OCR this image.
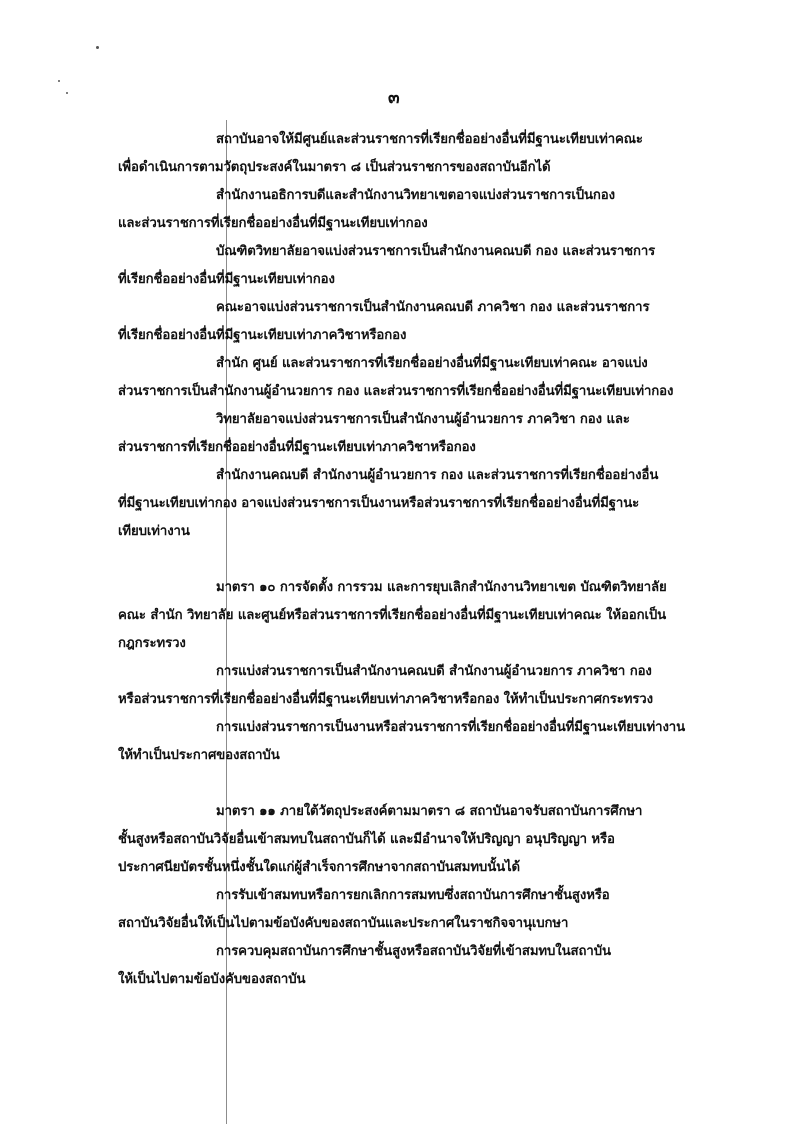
๓
สถาบันอาจให้มีศูนย์และส่วนราชการที่เรียกชื่ออย่างอื่นที่มีฐานะเทียบเท่าคณะ
เพื่อดำเนินการตามวัตถุประสงค์ในมาตรา ๘ เป็นส่วนราชการของสถาบันอีกได้
สำนักงานอธิการบดีและสำนักงานวิทยาเขตอาจแบ่งส่วนราชการเป็นกอง
และส่วนราชการที่เรียกชื่ออย่างอื่นที่มีฐานะเทียบเท่ากอง
บัณฑิตวิทยาลัยอาจแบ่งส่วนราชการเป็นสำนักงานคณบดี กอง และส่วนราชการ
ที่เรียกชื่ออย่างอื่นที่มีฐานะเทียบเท่ากอง
คณะอาจแบ่งส่วนราชการเป็นสำนักงานคณบดี ภาควิชา กอง และส่วนราชการ
ที่เรียกชื่ออย่างอื่นที่มีฐานะเทียบเท่าภาควิชาหรือกอง
สำนัก ศูนย์ และส่วนราชการที่เรียกชื่ออย่างอื่นที่มีฐานะเทียบเท่าคณะ อาจแบ่ง
ส่วนราชการเป็นสำนักงานผู้อำนวยการ กอง และส่วนราชการที่เรียกชื่ออย่างอื่นที่มีฐานะเทียบเท่ากอง
วิทยาลัยอาจแบ่งส่วนราชการเป็นสำนักงานผู้อำนวยการ ภาควิชา กอง และ
ส่วนราชการที่เรียกชื่ออย่างอื่นที่มีฐานะเทียบเท่าภาควิชาหรือกอง
สำนักงานคณบดี สำนักงานผู้อำนวยการ กอง และส่วนราชการที่เรียกชื่ออย่างอื่น
ที่มีฐานะเทียบเท่ากอง อาจแบ่งส่วนราชการเป็นงานหรือส่วนราชการที่เรียกชื่ออย่างอื่นที่มีฐานะ
เทียบเท่างาน
มาตรา ๑๐ การจัดตั้ง การรวม และการยุบเลิกสำนักงานวิทยาเขต บัณฑิตวิทยาลัย
คณะ สำนัก วิทยาลัย และศูนย์หรือส่วนราชการที่เรียกชื่ออย่างอื่นที่มีฐานะเทียบเท่าคณะ ให้ออกเป็น
กฎกระทรวง
การแบ่งส่วนราชการเป็นสำนักงานคณบดี สำนักงานผู้อำนวยการ ภาควิชา กอง
หรือส่วนราชการที่เรียกชื่ออย่างอื่นที่มีฐานะเทียบเท่าภาควิชาหรือกอง ให้ทำเป็นประกาศกระทรวง
การแบ่งส่วนราชการเป็นงานหรือส่วนราชการที่เรียกชื่ออย่างอื่นที่มีฐานะเทียบเท่างาน
ให้ทำเป็นประกาศของสถาบัน
มาตรา ๑๑ ภายใต้วัตถุประสงค์ตามมาตรา ๘ สถาบันอาจรับสถาบันการศึกษา
ชั้นสูงหรือสถาบันวิจัยอื่นเข้าสมทบในสถาบันก็ได้ และมีอำนาจให้ปริญญา อนุปริญญา หรือ
ประกาศนียบัตรชั้นหนึ่งชั้นใดแก่ผู้สำเร็จการศึกษาจากสถาบันสมทบนั้นได้
การรับเข้าสมทบหรือการยกเลิกการสมทบซึ่งสถาบันการศึกษาชั้นสูงหรือ
สถาบันวิจัยอื่นให้เป็นไปตามข้อบังคับของสถาบันและประกาศในราชกิจจานุเบกษา
การควบคุมสถาบันการศึกษาชั้นสูงหรือสถาบันวิจัยที่เข้าสมทบในสถาบัน
ให้เป็นไปตามข้อบังคับของสถาบัน
